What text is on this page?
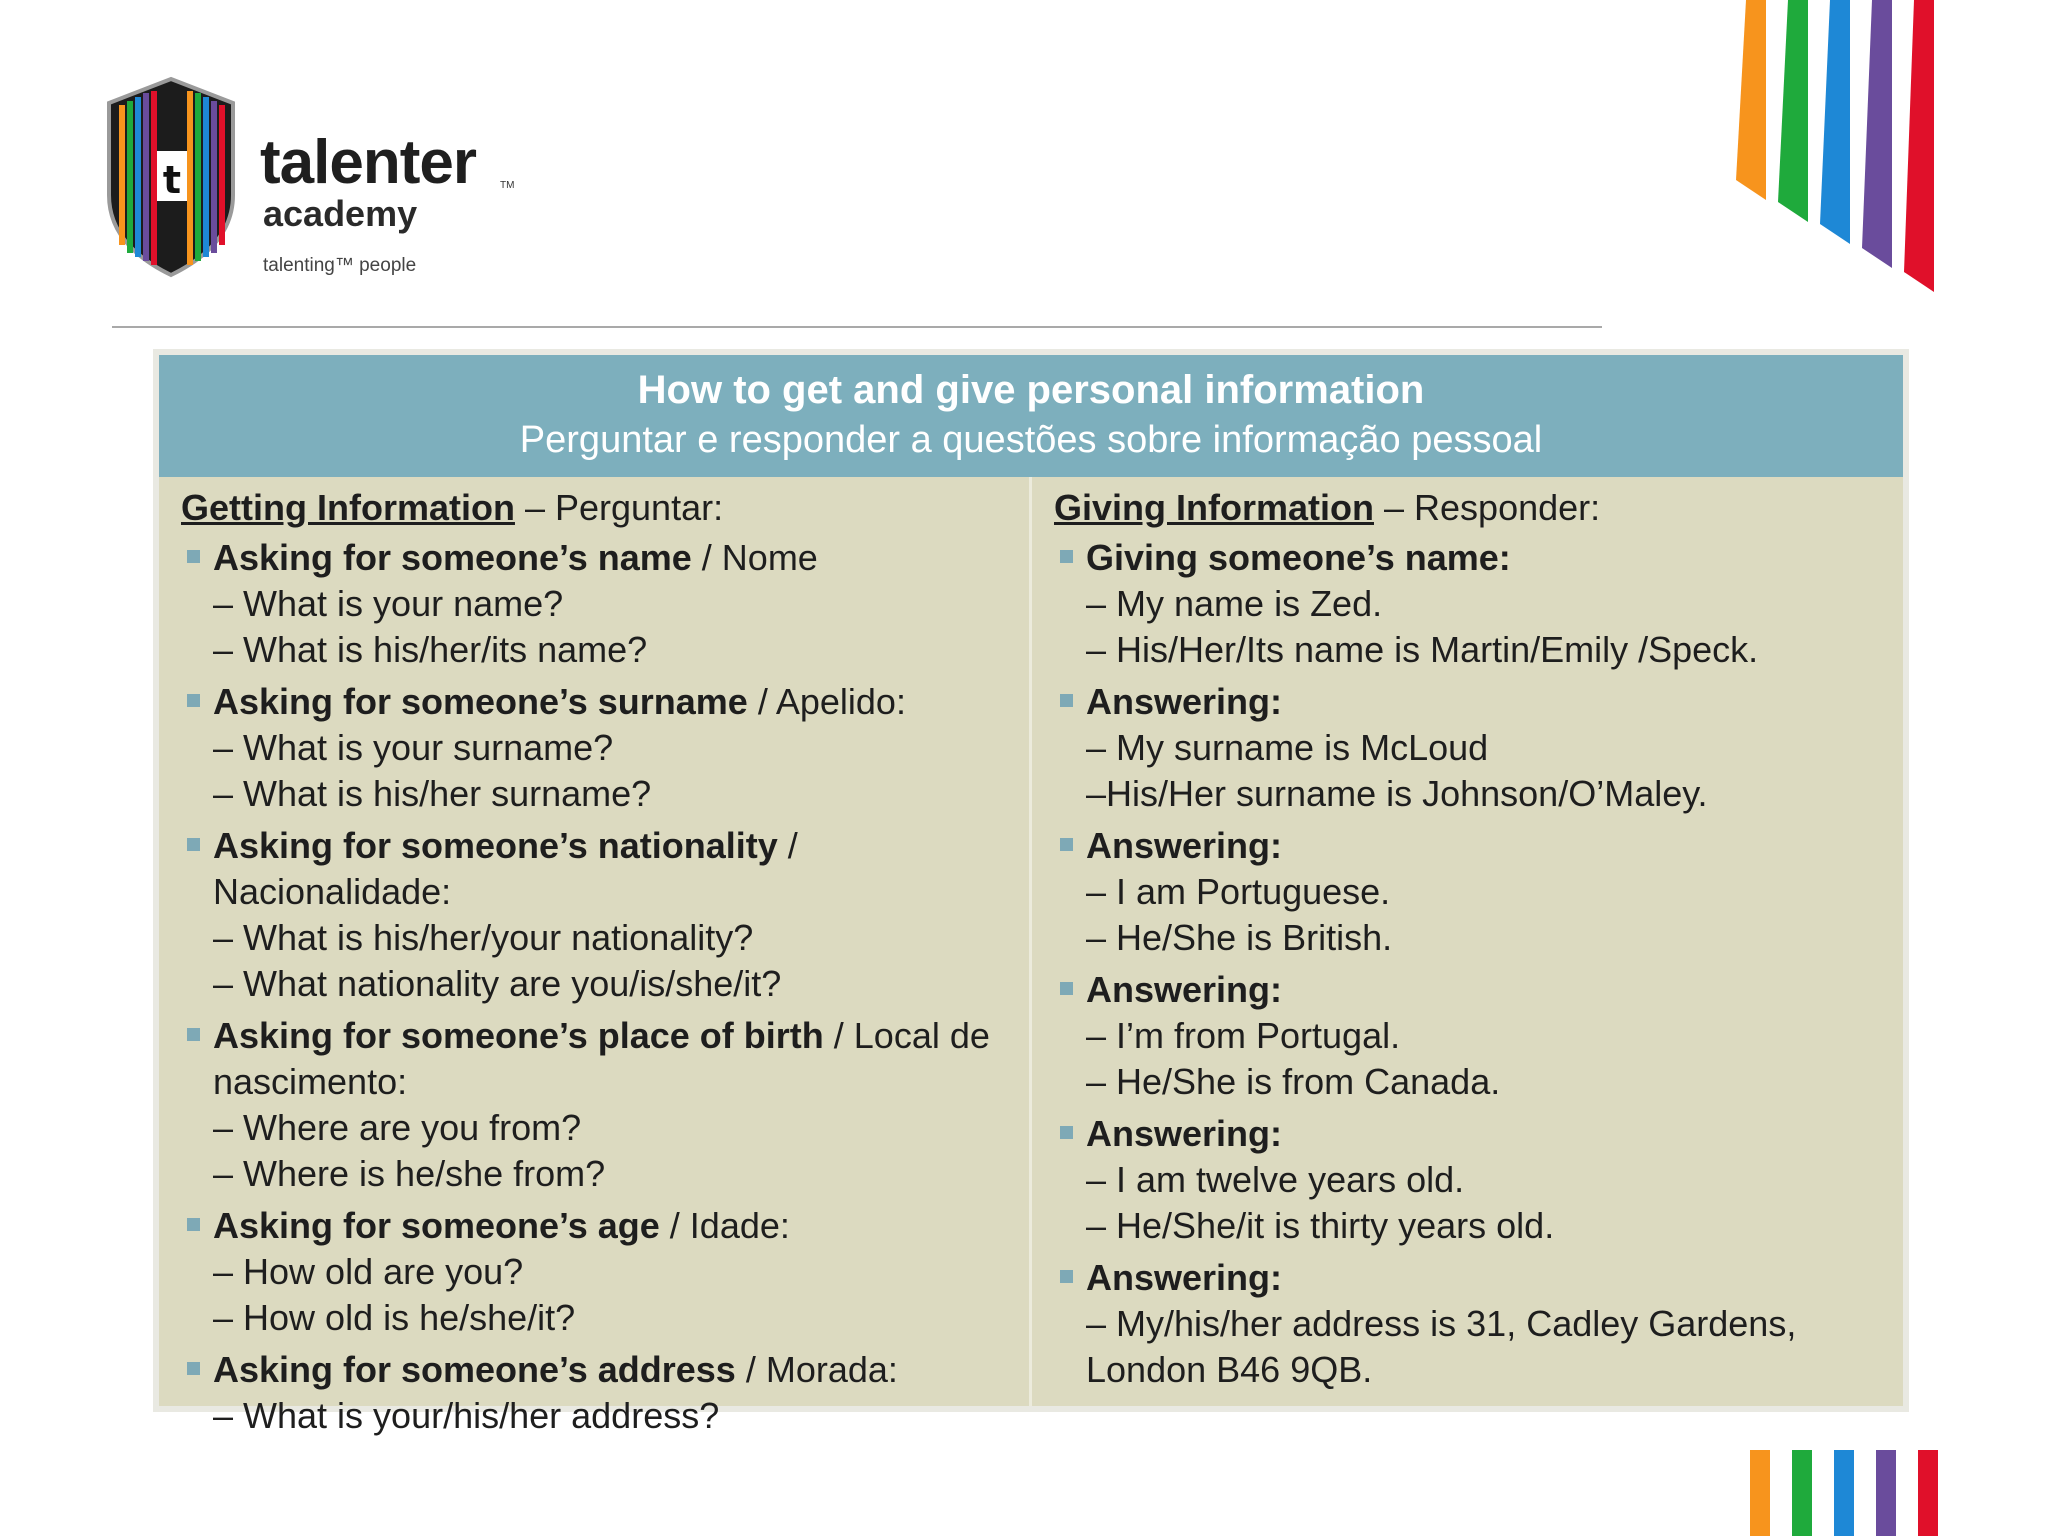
t talenter TM
academy
talenting™ people
How to get and give personal information
Perguntar e responder a questões sobre informação pessoal
Getting Information – Perguntar:
Asking for someone’s name / Nome
– What is your name?
– What is his/her/its name?
Asking for someone’s surname / Apelido:
– What is your surname?
– What is his/her surname?
Asking for someone’s nationality / Nacionalidade:
– What is his/her/your nationality?
– What nationality are you/is/she/it?
Asking for someone’s place of birth / Local de nascimento:
– Where are you from?
– Where is he/she from?
Asking for someone’s age / Idade:
– How old are you?
– How old is he/she/it?
Asking for someone’s address / Morada:
– What is your/his/her address?
Giving Information – Responder:
Giving someone’s name:
– My name is Zed.
– His/Her/Its name is Martin/Emily /Speck.
Answering:
– My surname is McLoud
–His/Her surname is Johnson/O’Maley.
Answering:
– I am Portuguese.
– He/She is British.
Answering:
– I’m from Portugal.
– He/She is from Canada.
Answering:
– I am twelve years old.
– He/She/it is thirty years old.
Answering:
– My/his/her address is 31, Cadley Gardens, London B46 9QB.
